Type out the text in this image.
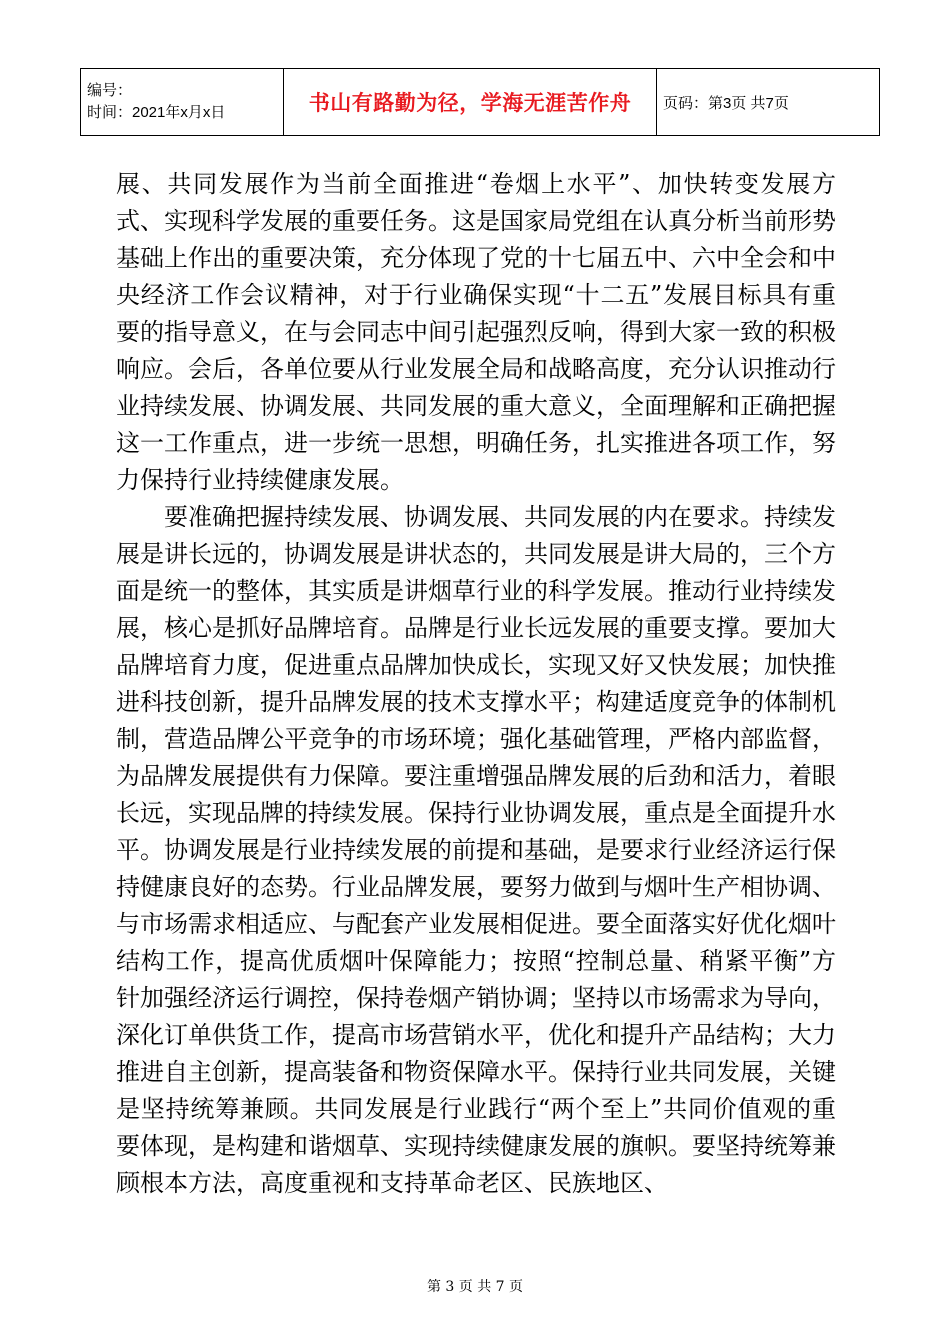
编号：
时间：2021年x月x日	书山有路勤为径，学海无涯苦作舟	页码：第3页 共7页

展、共同发展作为当前全面推进“卷烟上水平”、加快转变发展方式、实现科学发展的重要任务。这是国家局党组在认真分析当前形势基础上作出的重要决策，充分体现了党的十七届五中、六中全会和中央经济工作会议精神，对于行业确保实现“十二五”发展目标具有重要的指导意义，在与会同志中间引起强烈反响，得到大家一致的积极响应。会后，各单位要从行业发展全局和战略高度，充分认识推动行业持续发展、协调发展、共同发展的重大意义，全面理解和正确把握这一工作重点，进一步统一思想，明确任务，扎实推进各项工作，努力保持行业持续健康发展。

要准确把握持续发展、协调发展、共同发展的内在要求。持续发展是讲长远的，协调发展是讲状态的，共同发展是讲大局的，三个方面是统一的整体，其实质是讲烟草行业的科学发展。推动行业持续发展，核心是抓好品牌培育。品牌是行业长远发展的重要支撑。要加大品牌培育力度，促进重点品牌加快成长，实现又好又快发展；加快推进科技创新，提升品牌发展的技术支撑水平；构建适度竞争的体制机制，营造品牌公平竞争的市场环境；强化基础管理，严格内部监督，为品牌发展提供有力保障。要注重增强品牌发展的后劲和活力，着眼长远，实现品牌的持续发展。保持行业协调发展，重点是全面提升水平。协调发展是行业持续发展的前提和基础，是要求行业经济运行保持健康良好的态势。行业品牌发展，要努力做到与烟叶生产相协调、与市场需求相适应、与配套产业发展相促进。要全面落实好优化烟叶结构工作，提高优质烟叶保障能力；按照“控制总量、稍紧平衡”方针加强经济运行调控，保持卷烟产销协调；坚持以市场需求为导向，深化订单供货工作，提高市场营销水平，优化和提升产品结构；大力推进自主创新，提高装备和物资保障水平。保持行业共同发展，关键是坚持统筹兼顾。共同发展是行业践行“两个至上”共同价值观的重要体现，是构建和谐烟草、实现持续健康发展的旗帜。要坚持统筹兼顾根本方法，高度重视和支持革命老区、民族地区、

第 3 页 共 7 页
